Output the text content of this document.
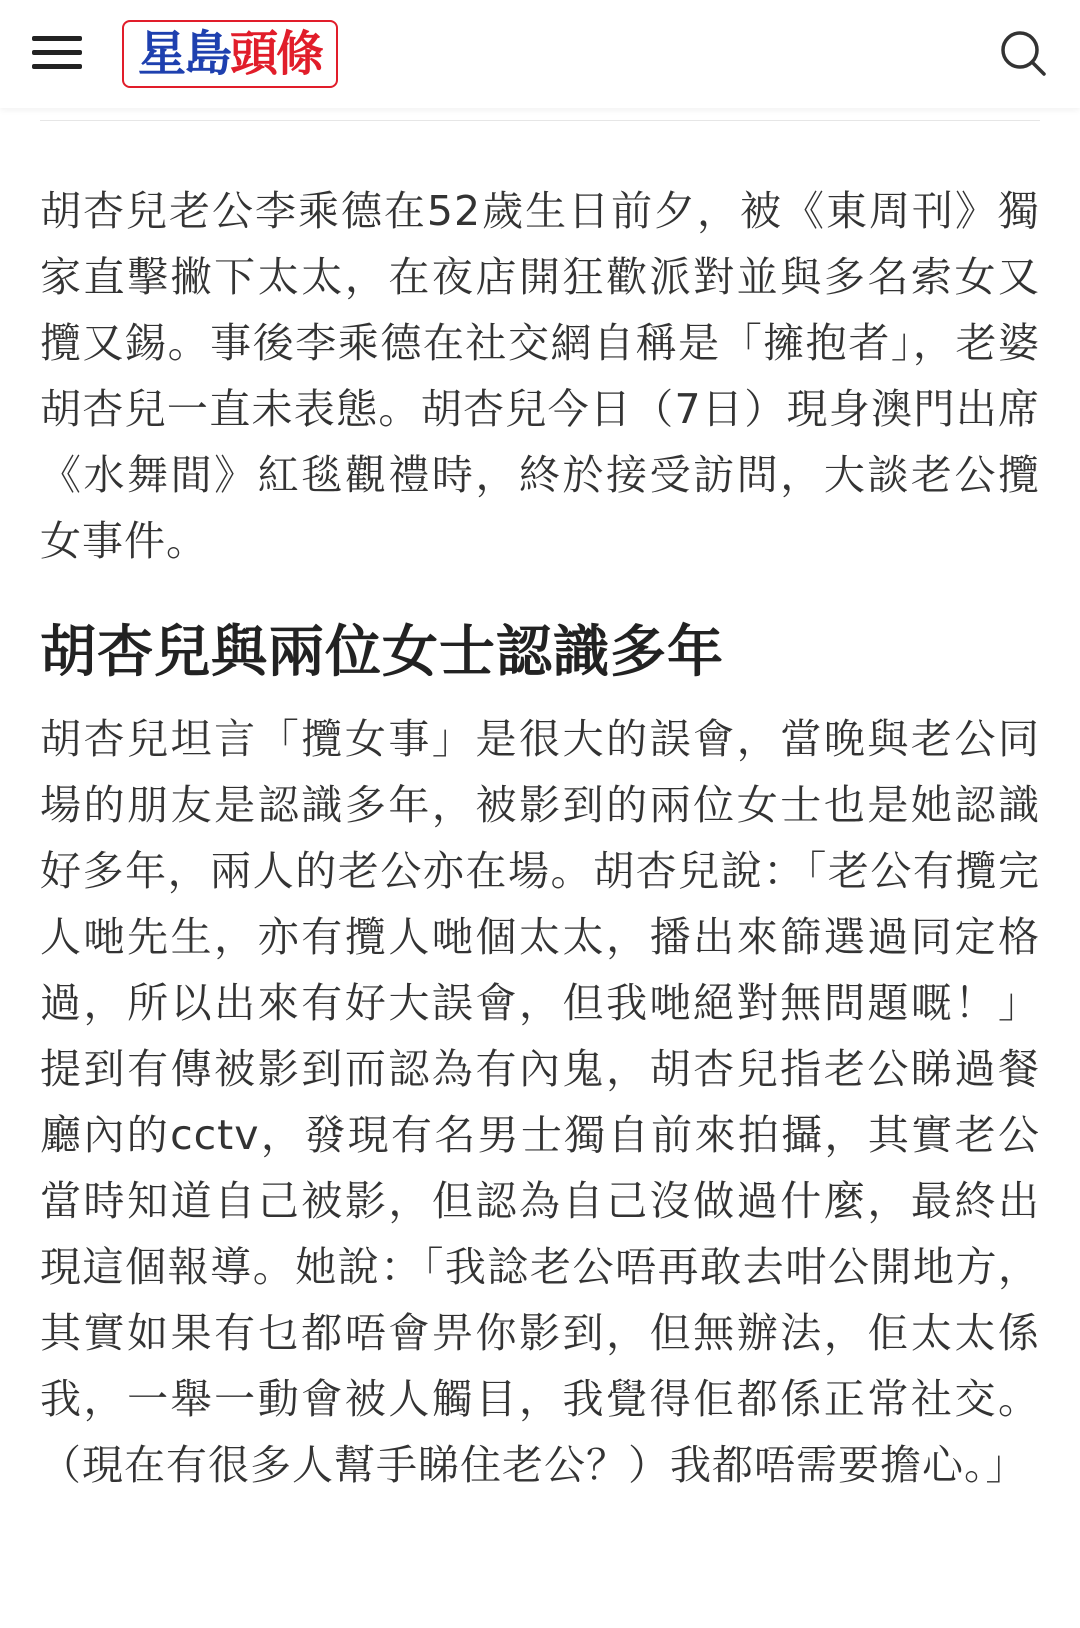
星島 頭條

胡杏兒老公李乘德在52歲生日前夕，被《東周刊》獨家直擊撇下太太，在夜店開狂歡派對並與多名索女又攬又錫。事後李乘德在社交網自稱是「擁抱者」，老婆胡杏兒一直未表態。胡杏兒今日（7日）現身澳門出席《水舞間》紅毯觀禮時，終於接受訪問，大談老公攬女事件。

胡杏兒與兩位女士認識多年

胡杏兒坦言「攬女事」是很大的誤會，當晚與老公同場的朋友是認識多年，被影到的兩位女士也是她認識好多年，兩人的老公亦在場。胡杏兒說：「老公有攬完人哋先生，亦有攬人哋個太太，播出來篩選過同定格過，所以出來有好大誤會，但我哋絕對無問題嘅！」提到有傳被影到而認為有內鬼，胡杏兒指老公睇過餐廳內的cctv，發現有名男士獨自前來拍攝，其實老公當時知道自己被影，但認為自己沒做過什麼，最終出現這個報導。她說：「我諗老公唔再敢去咁公開地方，其實如果有乜都唔會畀你影到，但無辦法，佢太太係我，一舉一動會被人觸目，我覺得佢都係正常社交。（現在有很多人幫手睇住老公？）我都唔需要擔心。」
